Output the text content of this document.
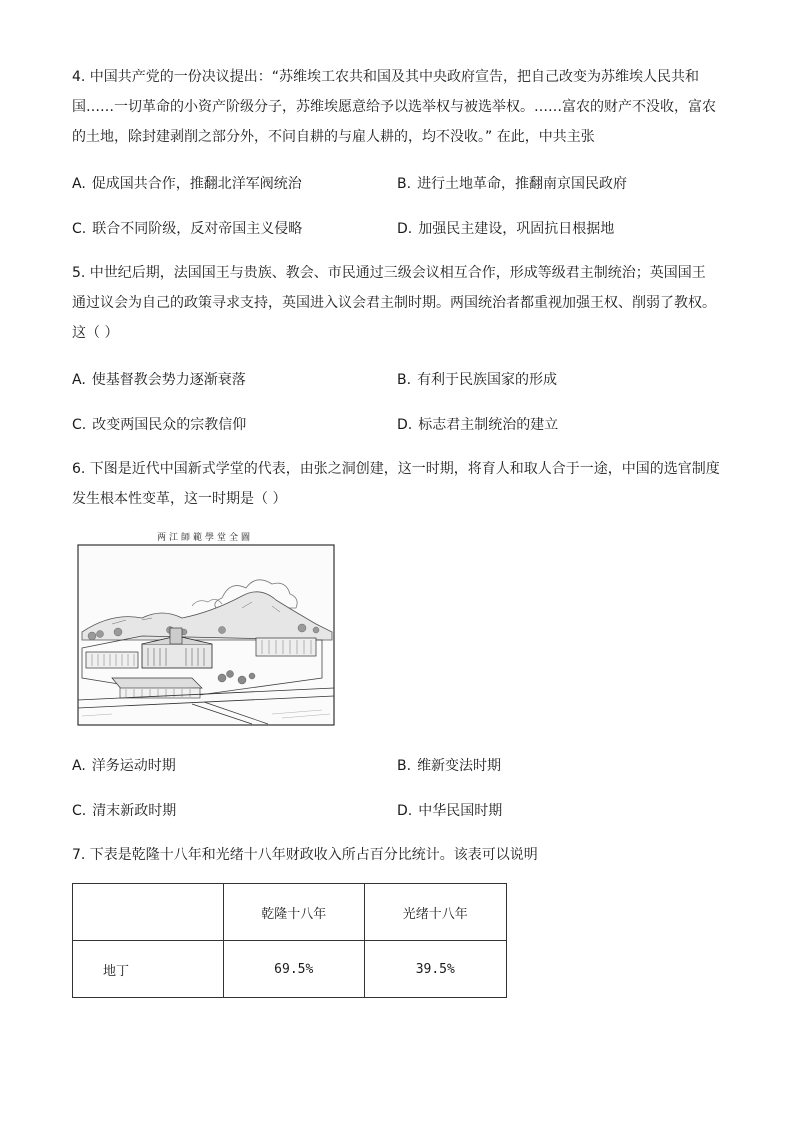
4. 中国共产党的一份决议提出：“苏维埃工农共和国及其中央政府宣告，把自己改变为苏维埃人民共和
国……一切革命的小资产阶级分子，苏维埃愿意给予以选举权与被选举权。……富农的财产不没收，富农
的土地，除封建剥削之部分外，不问自耕的与雇人耕的，均不没收。” 在此，中共主张
A. 促成国共合作，推翻北洋军阀统治	B. 进行土地革命，推翻南京国民政府
C. 联合不同阶级，反对帝国主义侵略	D. 加强民主建设，巩固抗日根据地
5. 中世纪后期，法国国王与贵族、教会、市民通过三级会议相互合作，形成等级君主制统治；英国国王
通过议会为自己的政策寻求支持，英国进入议会君主制时期。两国统治者都重视加强王权、削弱了教权。
这（ ）
A. 使基督教会势力逐渐衰落	B. 有利于民族国家的形成
C. 改变两国民众的宗教信仰	D. 标志君主制统治的建立
6. 下图是近代中国新式学堂的代表，由张之洞创建，这一时期，将育人和取人合于一途，中国的选官制度
发生根本性变革，这一时期是（ ）
两江師範學堂全圖
A. 洋务运动时期	B. 维新变法时期
C. 清末新政时期	D. 中华民国时期
7. 下表是乾隆十八年和光绪十八年财政收入所占百分比统计。该表可以说明
	乾隆十八年	光绪十八年
地丁	69.5%	39.5%
